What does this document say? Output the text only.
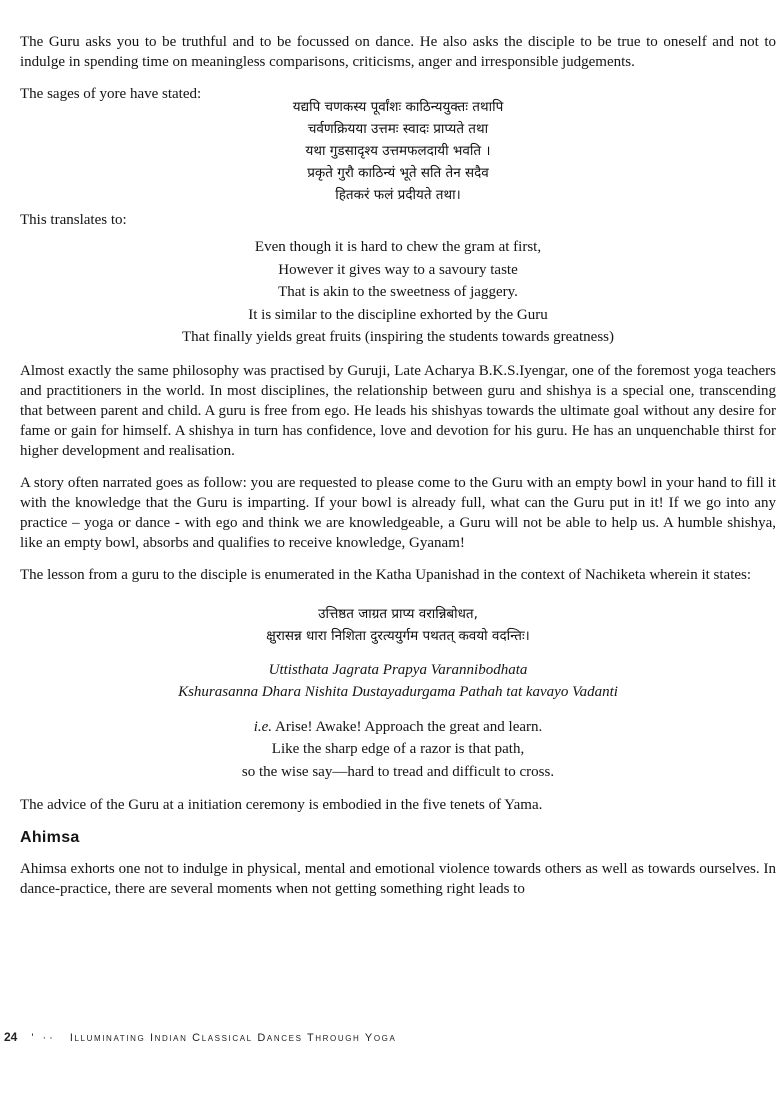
The Guru asks you to be truthful and to be focussed on dance. He also asks the disciple to be true to oneself and not to indulge in spending time on meaningless comparisons, criticisms, anger and irresponsible judgements.

The sages of yore have stated:

यद्यपि चणकस्य पूर्वांशः काठिन्ययुक्तः तथापि
चर्वणक्रियया उत्तमः स्वादः प्राप्यते तथा
यथा गुडसादृश्य उत्तमफलदायी भवति ।
प्रकृते गुरौ काठिन्यं भूते सति तेन सदैव
हितकरं फलं प्रदीयते तथा।

This translates to:

Even though it is hard to chew the gram at first,
However it gives way to a savoury taste
That is akin to the sweetness of jaggery.
It is similar to the discipline exhorted by the Guru
That finally yields great fruits (inspiring the students towards greatness)

Almost exactly the same philosophy was practised by Guruji, Late Acharya B.K.S.Iyengar, one of the foremost yoga teachers and practitioners in the world. In most disciplines, the relationship between guru and shishya is a special one, transcending that between parent and child. A guru is free from ego. He leads his shishyas towards the ultimate goal without any desire for fame or gain for himself. A shishya in turn has confidence, love and devotion for his guru. He has an unquenchable thirst for higher development and realisation.

A story often narrated goes as follow: you are requested to please come to the Guru with an empty bowl in your hand to fill it with the knowledge that the Guru is imparting. If your bowl is already full, what can the Guru put in it! If we go into any practice – yoga or dance - with ego and think we are knowledgeable, a Guru will not be able to help us. A humble shishya, like an empty bowl, absorbs and qualifies to receive knowledge, Gyanam!

The lesson from a guru to the disciple is enumerated in the Katha Upanishad in the context of Nachiketa wherein it states:

उत्तिष्ठत जाग्रत प्राप्य वरान्निबोधत,
क्षुरासन्न धारा निशिता दुरत्ययुर्गम पथतत् कवयो वदन्तिः।
Uttisthata Jagrata Prapya Varannibodhata
Kshurasanna Dhara Nishita Dustayadurgama Pathah tat kavayo Vadanti
i.e. Arise! Awake! Approach the great and learn.
Like the sharp edge of a razor is that path,
so the wise say—hard to tread and difficult to cross.

The advice of the Guru at a initiation ceremony is embodied in the five tenets of Yama.

Ahimsa

Ahimsa exhorts one not to indulge in physical, mental and emotional violence towards others as well as towards ourselves. In dance-practice, there are several moments when not getting something right leads to

24 ' ·· Illuminating Indian Classical Dances Through Yoga
